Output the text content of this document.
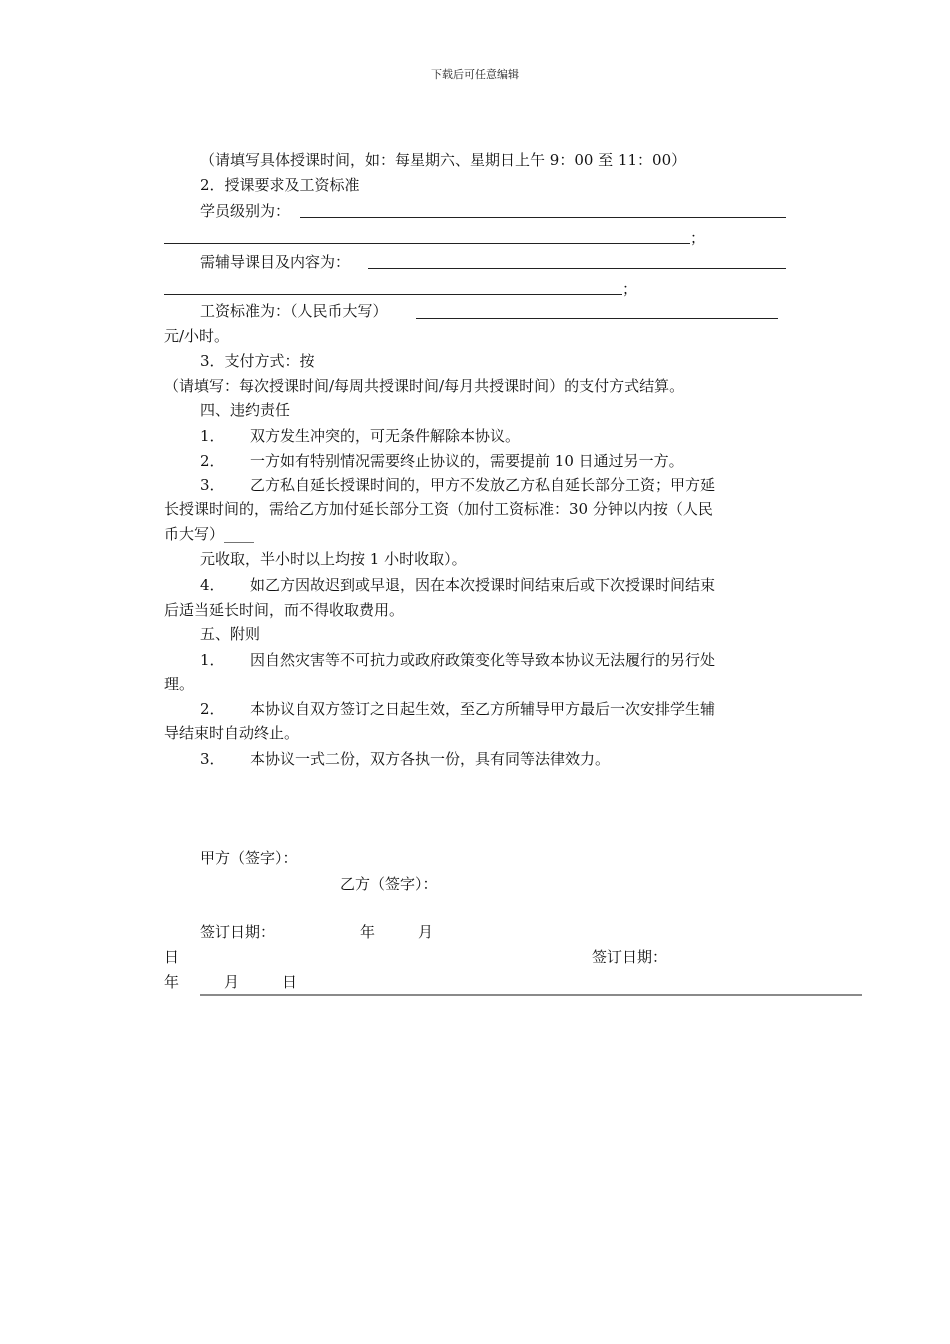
下载后可任意编辑
（请填写具体授课时间，如：每星期六、星期日上午 9：00 至 11：00）
2．授课要求及工资标准
学员级别为：
；
需辅导课目及内容为：
；
工资标准为：（人民币大写）
元/小时。
3．支付方式：按
（请填写：每次授课时间/每周共授课时间/每月共授课时间）的支付方式结算。
四、违约责任
1． 双方发生冲突的，可无条件解除本协议。
2． 一方如有特别情况需要终止协议的，需要提前 10 日通过另一方。
3． 乙方私自延长授课时间的，甲方不发放乙方私自延长部分工资；甲方延
长授课时间的，需给乙方加付延长部分工资（加付工资标准：30 分钟以内按（人民
币大写）____
元收取，半小时以上均按 1 小时收取）。
4． 如乙方因故迟到或早退，因在本次授课时间结束后或下次授课时间结束
后适当延长时间，而不得收取费用。
五、附则
1． 因自然灾害等不可抗力或政府政策变化等导致本协议无法履行的另行处
理。
2． 本协议自双方签订之日起生效，至乙方所辅导甲方最后一次安排学生辅
导结束时自动终止。
3． 本协议一式二份，双方各执一份，具有同等法律效力。
甲方（签字）：
乙方（签字）：
签订日期：	年	月
日	签订日期：
年	月	日
